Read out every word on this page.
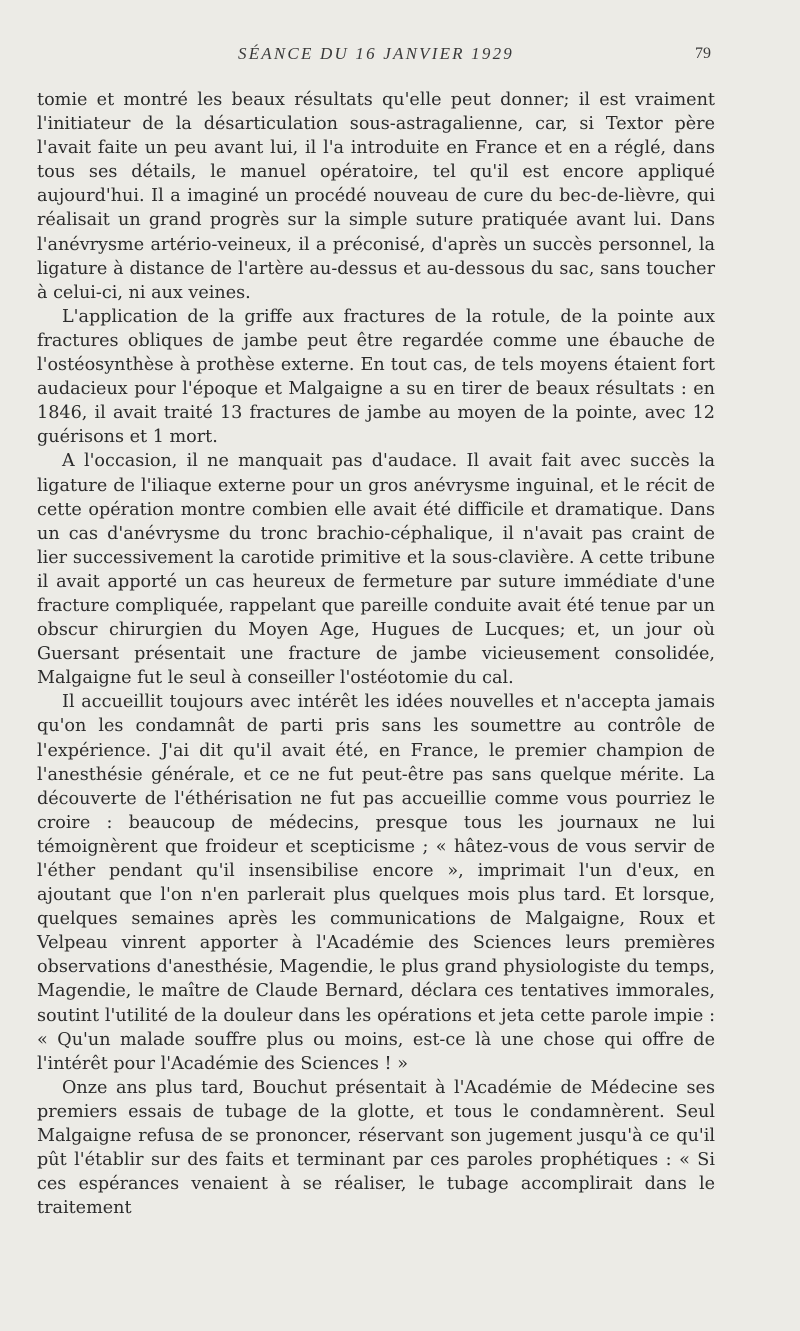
SÉANCE DU 16 JANVIER 1929	79

tomie et montré les beaux résultats qu'elle peut donner; il est vraiment l'initiateur de la désarticulation sous-astragalienne, car, si Textor père l'avait faite un peu avant lui, il l'a introduite en France et en a réglé, dans tous ses détails, le manuel opératoire, tel qu'il est encore appliqué aujourd'hui. Il a imaginé un procédé nouveau de cure du bec-de-lièvre, qui réalisait un grand progrès sur la simple suture pratiquée avant lui. Dans l'anévrysme artério-veineux, il a préconisé, d'après un succès personnel, la ligature à distance de l'artère au-dessus et au-dessous du sac, sans toucher à celui-ci, ni aux veines.

L'application de la griffe aux fractures de la rotule, de la pointe aux fractures obliques de jambe peut être regardée comme une ébauche de l'ostéosynthèse à prothèse externe. En tout cas, de tels moyens étaient fort audacieux pour l'époque et Malgaigne a su en tirer de beaux résultats : en 1846, il avait traité 13 fractures de jambe au moyen de la pointe, avec 12 guérisons et 1 mort.

A l'occasion, il ne manquait pas d'audace. Il avait fait avec succès la ligature de l'iliaque externe pour un gros anévrysme inguinal, et le récit de cette opération montre combien elle avait été difficile et dramatique. Dans un cas d'anévrysme du tronc brachio-céphalique, il n'avait pas craint de lier successivement la carotide primitive et la sous-clavière. A cette tribune il avait apporté un cas heureux de fermeture par suture immédiate d'une fracture compliquée, rappelant que pareille conduite avait été tenue par un obscur chirurgien du Moyen Age, Hugues de Lucques; et, un jour où Guersant présentait une fracture de jambe vicieusement consolidée, Malgaigne fut le seul à conseiller l'ostéotomie du cal.

Il accueillit toujours avec intérêt les idées nouvelles et n'accepta jamais qu'on les condamnât de parti pris sans les soumettre au contrôle de l'expérience. J'ai dit qu'il avait été, en France, le premier champion de l'anesthésie générale, et ce ne fut peut-être pas sans quelque mérite. La découverte de l'éthérisation ne fut pas accueillie comme vous pourriez le croire : beaucoup de médecins, presque tous les journaux ne lui témoignèrent que froideur et scepticisme ; « hâtez-vous de vous servir de l'éther pendant qu'il insensibilise encore », imprimait l'un d'eux, en ajoutant que l'on n'en parlerait plus quelques mois plus tard. Et lorsque, quelques semaines après les communications de Malgaigne, Roux et Velpeau vinrent apporter à l'Académie des Sciences leurs premières observations d'anesthésie, Magendie, le plus grand physiologiste du temps, Magendie, le maître de Claude Bernard, déclara ces tentatives immorales, soutint l'utilité de la douleur dans les opérations et jeta cette parole impie : « Qu'un malade souffre plus ou moins, est-ce là une chose qui offre de l'intérêt pour l'Académie des Sciences ! »

Onze ans plus tard, Bouchut présentait à l'Académie de Médecine ses premiers essais de tubage de la glotte, et tous le condamnèrent. Seul Malgaigne refusa de se prononcer, réservant son jugement jusqu'à ce qu'il pût l'établir sur des faits et terminant par ces paroles prophétiques : « Si ces espérances venaient à se réaliser, le tubage accomplirait dans le traitement
